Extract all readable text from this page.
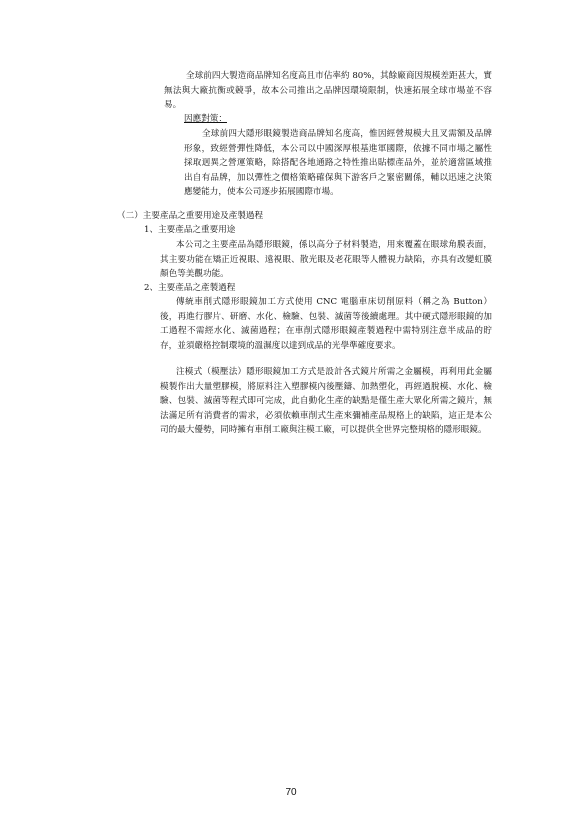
全球前四大製造商品牌知名度高且市佔率約 80%，其餘廠商因規模差距甚大，實無法與大廠抗衡或競爭，故本公司推出之品牌因環境限制，快速拓展全球市場並不容易。

因應對策：

全球前四大隱形眼鏡製造商品牌知名度高，惟因經營規模大且叉需額及品牌形象，致經營彈性降低，本公司以中國深厚根基進軍國際，依據不同市場之屬性採取迥異之營運策略，除搭配各地通路之特性推出貼標產品外，並於適當區域推出自有品牌，加以彈性之價格策略確保與下游客戶之緊密關係，輔以迅速之決策應變能力，使本公司逐步拓展國際市場。

（二）主要產品之重要用途及產製過程

1、主要產品之重要用途

本公司之主要產品為隱形眼鏡，係以高分子材料製造，用來覆蓋在眼球角膜表面，其主要功能在矯正近視眼、遠視眼、散光眼及老花眼等人體視力缺陷，亦具有改變虹膜顏色等美觀功能。

2、主要產品之產製過程

傳統車削式隱形眼鏡加工方式使用 CNC 電腦車床切削原料（稱之為 Button）後，再進行膠片、研磨、水化、檢驗、包裝、滅菌等後續處理。其中硬式隱形眼鏡的加工過程不需經水化、滅菌過程；在車削式隱形眼鏡產製過程中需特別注意半成品的貯存，並須嚴格控制環境的溫濕度以達到成品的光學準確度要求。

注模式（模壓法）隱形眼鏡加工方式是設計各式鏡片所需之金屬模，再利用此金屬模製作出大量塑膠模，將原料注入塑膠模內後壓鑄、加熱塑化，再經過脫模、水化、檢驗、包裝、滅菌等程式即可完成，此自動化生產的缺點是僅生產大眾化所需之鏡片，無法滿足所有消費者的需求，必須依賴車削式生產來彌補產品規格上的缺陷，這正是本公司的最大優勢，同時擁有車削工廠與注模工廠，可以提供全世界完整規格的隱形眼鏡。

70
